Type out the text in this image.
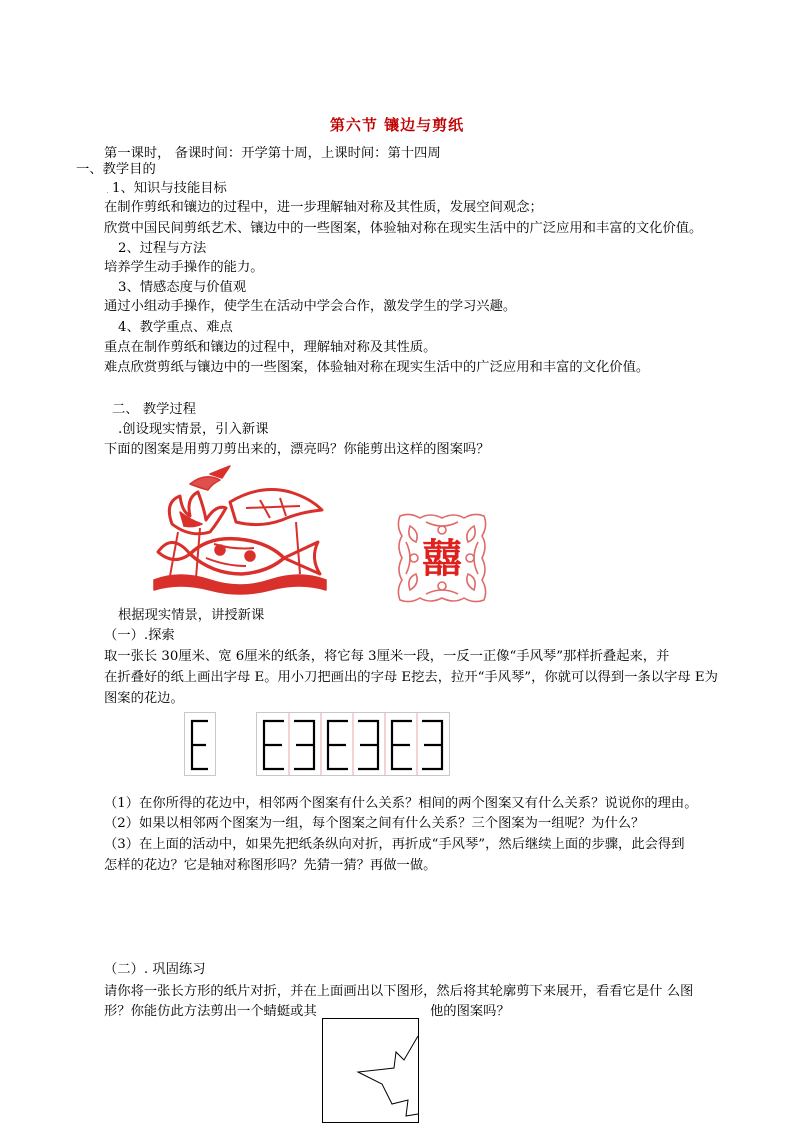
第六节 镶边与剪纸
第一课时， 备课时间：开学第十周，上课时间：第十四周
一、教学目的
. 1、知识与技能目标
在制作剪纸和镶边的过程中，进一步理解轴对称及其性质，发展空间观念；
欣赏中国民间剪纸艺术、镶边中的一些图案，体验轴对称在现实生活中的广泛应用和丰富的文化价值。
2、过程与方法
培养学生动手操作的能力。
3、情感态度与价值观
通过小组动手操作，使学生在活动中学会合作，激发学生的学习兴趣。
4、教学重点、难点
重点在制作剪纸和镶边的过程中，理解轴对称及其性质。
难点欣赏剪纸与镶边中的一些图案，体验轴对称在现实生活中的广泛应用和丰富的文化价值。
二、 教学过程
.创设现实情景，引入新课
下面的图案是用剪刀剪出来的，漂亮吗？你能剪出这样的图案吗？
囍
根据现实情景，讲授新课
（一）.探索
取一张长 30厘米、宽 6厘米的纸条，将它每 3厘米一段，一反一正像“手风琴”那样折叠起来，并
在折叠好的纸上画出字母 E。用小刀把画出的字母 E挖去，拉开“手风琴”，你就可以得到一条以字母 E为
图案的花边。
E
（1）在你所得的花边中，相邻两个图案有什么关系？相间的两个图案又有什么关系？说说你的理由。
（2）如果以相邻两个图案为一组，每个图案之间有什么关系？三个图案为一组呢？为什么？
（3）在上面的活动中，如果先把纸条纵向对折，再折成“手风琴”，然后继续上面的步骤，此会得到
怎样的花边？它是轴对称图形吗？先猜一猜？再做一做。
（二）. 巩固练习
请你将一张长方形的纸片对折，并在上面画出以下图形，然后将其轮廓剪下来展开，看看它是什 么图
形？你能仿此方法剪出一个蜻蜓或其	他的图案吗？
